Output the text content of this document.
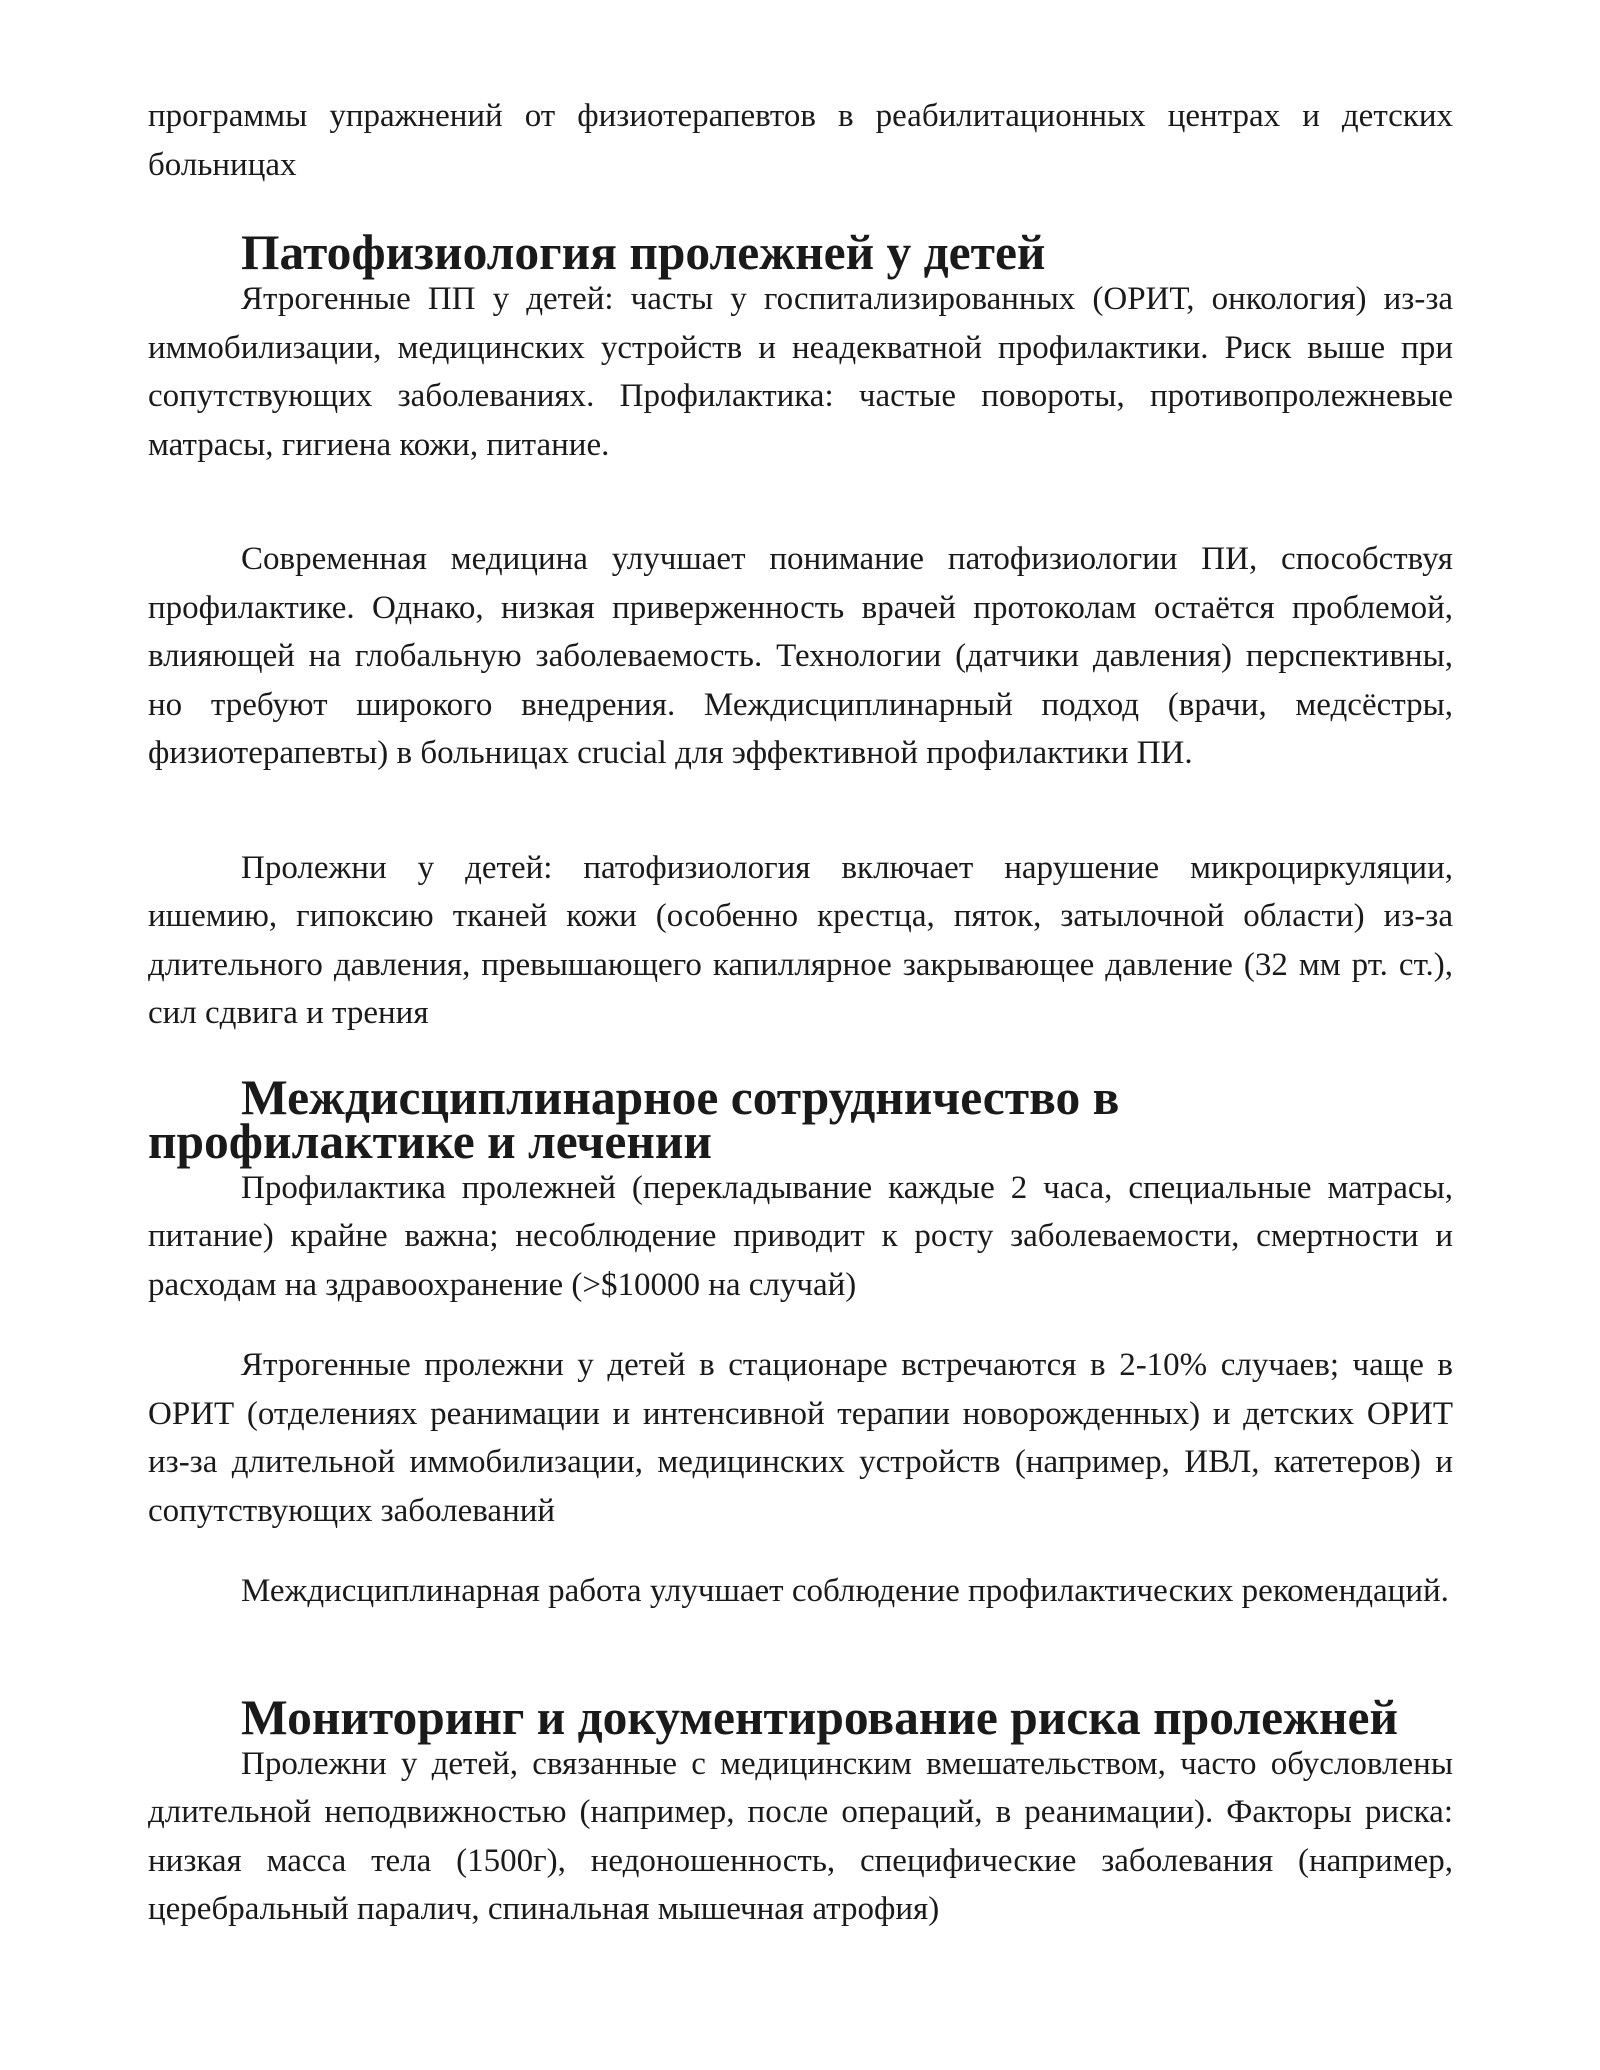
программы упражнений от физиотерапевтов в реабилитационных центрах и детских больницах

Патофизиология пролежней у детей

Ятрогенные ПП у детей: часты у госпитализированных (ОРИТ, онкология) из-за иммобилизации, медицинских устройств и неадекватной профилактики. Риск выше при сопутствующих заболеваниях. Профилактика: частые повороты, противопролежневые матрасы, гигиена кожи, питание.

Современная медицина улучшает понимание патофизиологии ПИ, способствуя профилактике. Однако, низкая приверженность врачей протоколам остаётся проблемой, влияющей на глобальную заболеваемость. Технологии (датчики давления) перспективны, но требуют широкого внедрения. Междисциплинарный подход (врачи, медсёстры, физиотерапевты) в больницах crucial для эффективной профилактики ПИ.

Пролежни у детей: патофизиология включает нарушение микроциркуляции, ишемию, гипоксию тканей кожи (особенно крестца, пяток, затылочной области) из-за длительного давления, превышающего капиллярное закрывающее давление (32 мм рт. ст.), сил сдвига и трения

Междисциплинарное сотрудничество в профилактике и лечении

Профилактика пролежней (перекладывание каждые 2 часа, специальные матрасы, питание) крайне важна; несоблюдение приводит к росту заболеваемости, смертности и расходам на здравоохранение (>$10000 на случай)

Ятрогенные пролежни у детей в стационаре встречаются в 2-10% случаев; чаще в ОРИТ (отделениях реанимации и интенсивной терапии новорожденных) и детских ОРИТ из-за длительной иммобилизации, медицинских устройств (например, ИВЛ, катетеров) и сопутствующих заболеваний

Междисциплинарная работа улучшает соблюдение профилактических рекомендаций.

Мониторинг и документирование риска пролежней

Пролежни у детей, связанные с медицинским вмешательством, часто обусловлены длительной неподвижностью (например, после операций, в реанимации). Факторы риска: низкая масса тела (1500г), недоношенность, специфические заболевания (например, церебральный паралич, спинальная мышечная атрофия)
